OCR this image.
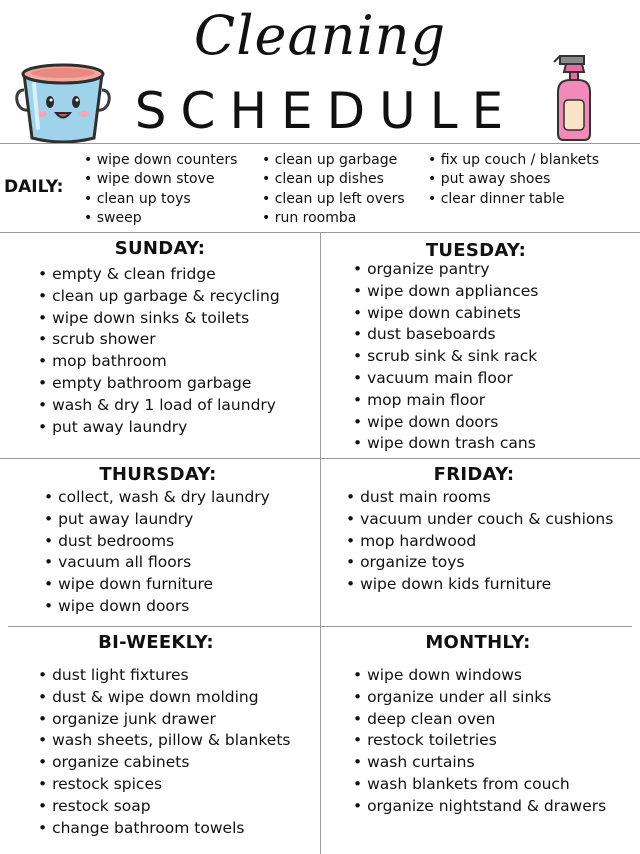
Cleaning
SCHEDULE
DAILY:
• wipe down counters
• wipe down stove
• clean up toys
• sweep
• clean up garbage
• clean up dishes
• clean up left overs
• run roomba
• fix up couch / blankets
• put away shoes
• clear dinner table
SUNDAY:
• empty & clean fridge
• clean up garbage & recycling
• wipe down sinks & toilets
• scrub shower
• mop bathroom
• empty bathroom garbage
• wash & dry 1 load of laundry
• put away laundry
TUESDAY:
• organize pantry
• wipe down appliances
• wipe down cabinets
• dust baseboards
• scrub sink & sink rack
• vacuum main floor
• mop main floor
• wipe down doors
• wipe down trash cans
THURSDAY:
• collect, wash & dry laundry
• put away laundry
• dust bedrooms
• vacuum all floors
• wipe down furniture
• wipe down doors
FRIDAY:
• dust main rooms
• vacuum under couch & cushions
• mop hardwood
• organize toys
• wipe down kids furniture
BI-WEEKLY:
• dust light fixtures
• dust & wipe down molding
• organize junk drawer
• wash sheets, pillow & blankets
• organize cabinets
• restock spices
• restock soap
• change bathroom towels
MONTHLY:
• wipe down windows
• organize under all sinks
• deep clean oven
• restock toiletries
• wash curtains
• wash blankets from couch
• organize nightstand & drawers
